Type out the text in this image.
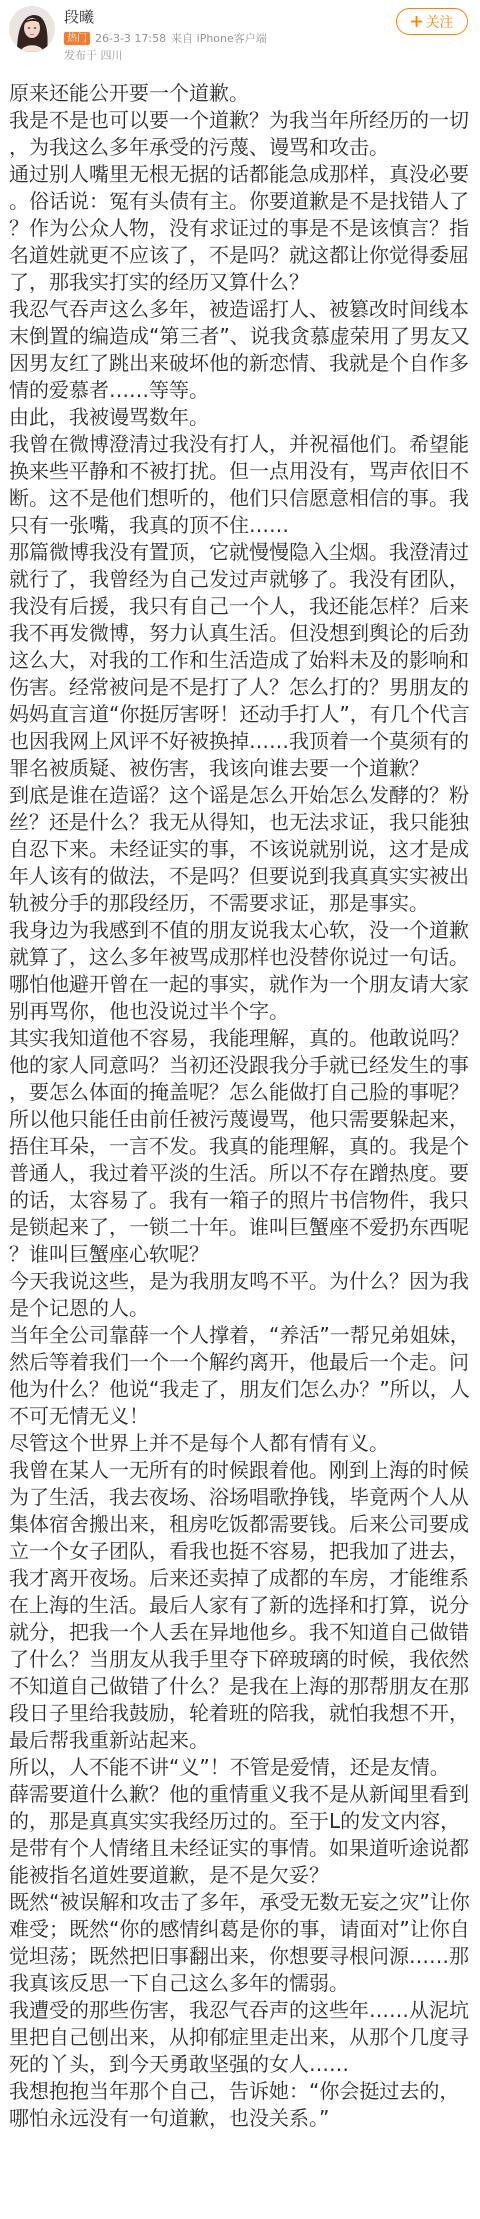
段曦
热门 26-3-3 17:58 来自 iPhone客户端
发布于 四川
关注

原来还能公开要一个道歉。

我是不是也可以要一个道歉？为我当年所经历的一切，为我这么多年承受的污蔑、谩骂和攻击。

通过别人嘴里无根无据的话都能急成那样，真没必要。俗话说：冤有头债有主。你要道歉是不是找错人了？作为公众人物，没有求证过的事是不是该慎言？指名道姓就更不应该了，不是吗？就这都让你觉得委屈了，那我实打实的经历又算什么？

我忍气吞声这么多年，被造谣打人、被篡改时间线本末倒置的编造成“第三者”、说我贪慕虚荣用了男友又因男友红了跳出来破坏他的新恋情、我就是个自作多情的爱慕者……等等。

由此，我被谩骂数年。

我曾在微博澄清过我没有打人，并祝福他们。希望能换来些平静和不被打扰。但一点用没有，骂声依旧不断。这不是他们想听的，他们只信愿意相信的事。我只有一张嘴，我真的顶不住……

那篇微博我没有置顶，它就慢慢隐入尘烟。我澄清过就行了，我曾经为自己发过声就够了。我没有团队，我没有后援，我只有自己一个人，我还能怎样？后来我不再发微博，努力认真生活。但没想到舆论的后劲这么大，对我的工作和生活造成了始料未及的影响和伤害。经常被问是不是打了人？怎么打的？男朋友的妈妈直言道“你挺厉害呀！还动手打人”，有几个代言也因我网上风评不好被换掉……我顶着一个莫须有的罪名被质疑、被伤害，我该向谁去要一个道歉？

到底是谁在造谣？这个谣是怎么开始怎么发酵的？粉丝？还是什么？我无从得知，也无法求证，我只能独自忍下来。未经证实的事，不该说就别说，这才是成年人该有的做法，不是吗？但要说到我真真实实被出轨被分手的那段经历，不需要求证，那是事实。

我身边为我感到不值的朋友说我太心软，没一个道歉就算了，这么多年被骂成那样也没替你说过一句话。哪怕他避开曾在一起的事实，就作为一个朋友请大家别再骂你，他也没说过半个字。

其实我知道他不容易，我能理解，真的。他敢说吗？他的家人同意吗？当初还没跟我分手就已经发生的事，要怎么体面的掩盖呢？怎么能做打自己脸的事呢？所以他只能任由前任被污蔑谩骂，他只需要躲起来，捂住耳朵，一言不发。我真的能理解，真的。我是个普通人，我过着平淡的生活。所以不存在蹭热度。要的话，太容易了。我有一箱子的照片书信物件，我只是锁起来了，一锁二十年。谁叫巨蟹座不爱扔东西呢？谁叫巨蟹座心软呢？

今天我说这些，是为我朋友鸣不平。为什么？因为我是个记恩的人。

当年全公司靠薛一个人撑着，“养活”一帮兄弟姐妹，然后等着我们一个一个解约离开，他最后一个走。问他为什么？他说“我走了，朋友们怎么办？”所以，人不可无情无义！

尽管这个世界上并不是每个人都有情有义。

我曾在某人一无所有的时候跟着他。刚到上海的时候为了生活，我去夜场、浴场唱歌挣钱，毕竟两个人从集体宿舍搬出来，租房吃饭都需要钱。后来公司要成立一个女子团队，看我也挺不容易，把我加了进去，我才离开夜场。后来还卖掉了成都的车房，才能维系在上海的生活。最后人家有了新的选择和打算，说分就分，把我一个人丢在异地他乡。我不知道自己做错了什么？当朋友从我手里夺下碎玻璃的时候，我依然不知道自己做错了什么？是我在上海的那帮朋友在那段日子里给我鼓励，轮着班的陪我，就怕我想不开，最后帮我重新站起来。

所以，人不能不讲“义”！不管是爱情，还是友情。

薛需要道什么歉？他的重情重义我不是从新闻里看到的，那是真真实实我经历过的。至于L的发文内容，是带有个人情绪且未经证实的事情。如果道听途说都能被指名道姓要道歉，是不是欠妥？

既然“被误解和攻击了多年，承受无数无妄之灾”让你难受；既然“你的感情纠葛是你的事，请面对”让你自觉坦荡；既然把旧事翻出来，你想要寻根问源……那我真该反思一下自己这么多年的懦弱。

我遭受的那些伤害，我忍气吞声的这些年……从泥坑里把自己刨出来，从抑郁症里走出来，从那个几度寻死的丫头，到今天勇敢坚强的女人……

我想抱抱当年那个自己，告诉她：“你会挺过去的，哪怕永远没有一句道歉，也没关系。”
